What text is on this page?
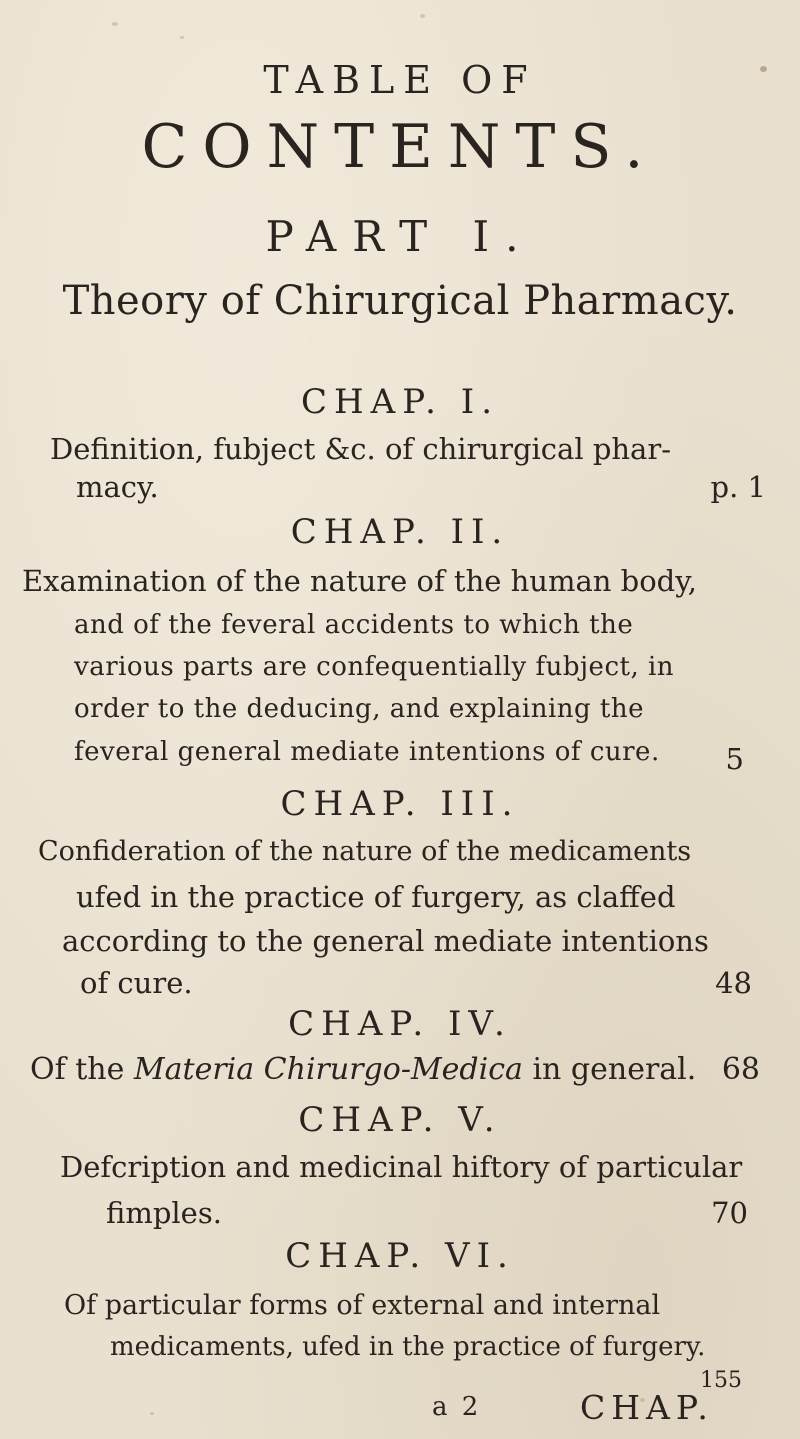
TABLE OF
CONTENTS.
PART I.
Theory of Chirurgical Pharmacy.
CHAP. I.
Definition, fubject &c. of chirurgical phar-
macy.	p. 1
CHAP. II.
Examination of the nature of the human body,
and of the feveral accidents to which the
various parts are confequentially fubject, in
order to the deducing, and explaining the
feveral general mediate intentions of cure. 5
CHAP. III.
Confideration of the nature of the medicaments
ufed in the practice of furgery, as claffed
according to the general mediate intentions
of cure.	48
CHAP. IV.
Of the Materia Chirurgo-Medica in general. 68
CHAP. V.
Defcription and medicinal hiftory of particular
fimples.	70
CHAP. VI.
Of particular forms of external and internal
medicaments, ufed in the practice of furgery.
155
a 2	CHAP.
